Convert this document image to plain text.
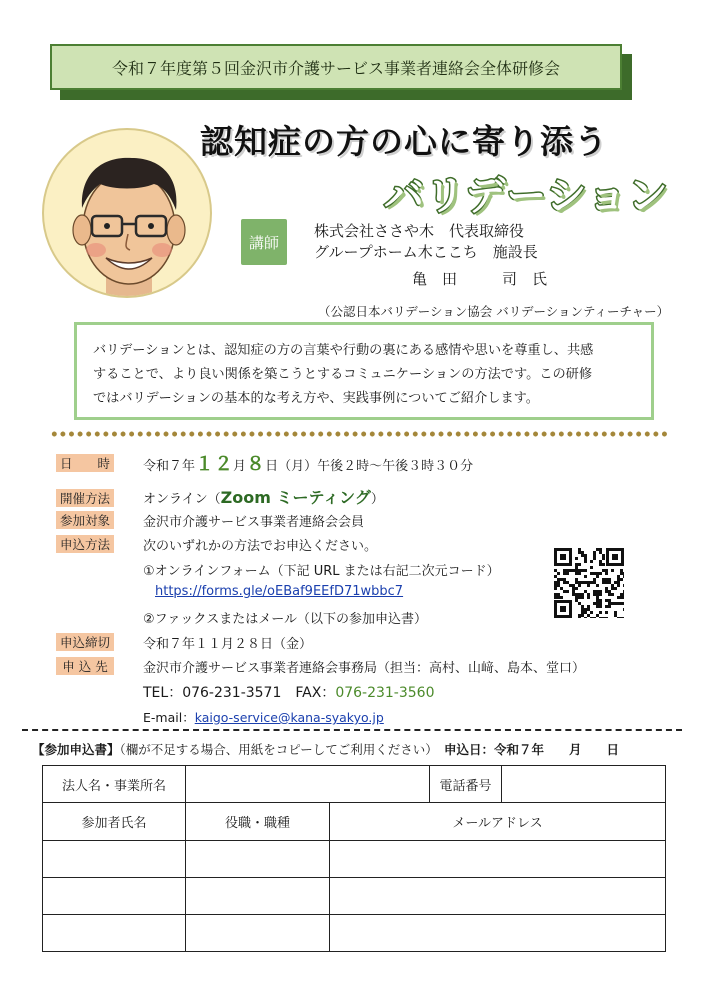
令和７年度第５回金沢市介護サービス事業者連絡会全体研修会
認知症の方の心に寄り添う
バリデーション
講師
株式会社ささや木　代表取締役
グループホーム木ここち　施設長
亀　田　　　司　氏
（公認日本バリデーション協会 バリデーションティーチャー）

バリデーションとは、認知症の方の言葉や行動の裏にある感情や思いを尊重し、共感

することで、より良い関係を築こうとするコミュニケーションの方法です。この研修

ではバリデーションの基本的な考え方や、実践事例についてご紹介します。

日　　時	令和７年１２月８日（月）午後２時～午後３時３０分
開催方法	オンライン（Zoom ミーティング）
参加対象	金沢市介護サービス事業者連絡会会員
申込方法	次のいずれかの方法でお申込ください。
①オンラインフォーム（下記 URL または右記二次元コード）
https://forms.gle/oEBaf9EEfD71wbbc7
②ファックスまたはメール（以下の参加申込書）
申込締切	令和７年１１月２８日（金）
申 込 先	金沢市介護サービス事業者連絡会事務局（担当：高村、山﨑、島本、堂口）
TEL：076-231-3571　 FAX：076-231-3560
E-mail：kaigo-service@kana-syakyo.jp
【参加申込書】（欄が不足する場合、用紙をコピーしてご利用ください）　 申込日：令和７年　　月　　日
法人名・事業所名			電話番号	
参加者氏名	役職・職種	メールアドレス		
